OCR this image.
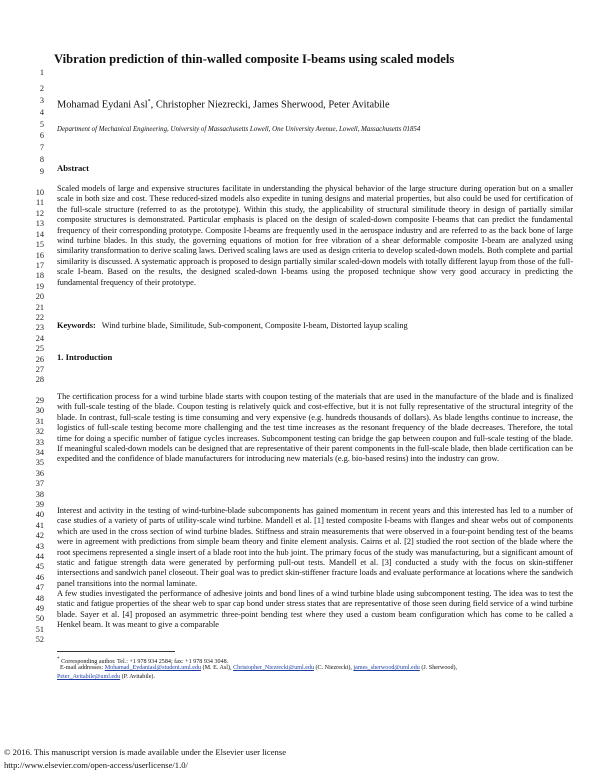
1
2
3
4
5
6
7
8
9
10
11
12
13
14
15
16
17
18
19
20
21
22
23
24
25
26
27
28
29
30
31
32
33
34
35
36
37
38
39
40
41
42
43
44
45
46
47
48
49
50
51
52
Vibration prediction of thin-walled composite I-beams using scaled models
Mohamad Eydani Asl*, Christopher Niezrecki, James Sherwood, Peter Avitabile
Department of Mechanical Engineering, University of Massachusetts Lowell, One University Avenue, Lowell, Massachusetts 01854
Abstract
Scaled models of large and expensive structures facilitate in understanding the physical behavior of the large structure during operation but on a smaller scale in both size and cost. These reduced-sized models also expedite in tuning designs and material properties, but also could be used for certification of the full-scale structure (referred to as the prototype). Within this study, the applicability of structural similitude theory in design of partially similar composite structures is demonstrated. Particular emphasis is placed on the design of scaled-down composite I-beams that can predict the fundamental frequency of their corresponding prototype. Composite I-beams are frequently used in the aerospace industry and are referred to as the back bone of large wind turbine blades. In this study, the governing equations of motion for free vibration of a shear deformable composite I-beam are analyzed using similarity transformation to derive scaling laws. Derived scaling laws are used as design criteria to develop scaled-down models. Both complete and partial similarity is discussed. A systematic approach is proposed to design partially similar scaled-down models with totally different layup from those of the full-scale I-beam. Based on the results, the designed scaled-down I-beams using the proposed technique show very good accuracy in predicting the fundamental frequency of their prototype.
Keywords: Wind turbine blade, Similitude, Sub-component, Composite I-beam, Distorted layup scaling
1. Introduction
The certification process for a wind turbine blade starts with coupon testing of the materials that are used in the manufacture of the blade and is finalized with full-scale testing of the blade. Coupon testing is relatively quick and cost-effective, but it is not fully representative of the structural integrity of the blade. In contrast, full-scale testing is time consuming and very expensive (e.g. hundreds thousands of dollars). As blade lengths continue to increase, the logistics of full-scale testing become more challenging and the test time increases as the resonant frequency of the blade decreases. Therefore, the total time for doing a specific number of fatigue cycles increases. Subcomponent testing can bridge the gap between coupon and full-scale testing of the blade. If meaningful scaled-down models can be designed that are representative of their parent components in the full-scale blade, then blade certification can be expedited and the confidence of blade manufacturers for introducing new materials (e.g. bio-based resins) into the industry can grow.
Interest and activity in the testing of wind-turbine-blade subcomponents has gained momentum in recent years and this interested has led to a number of case studies of a variety of parts of utility-scale wind turbine. Mandell et al. [1] tested composite I-beams with flanges and shear webs out of components which are used in the cross section of wind turbine blades. Stiffness and strain measurements that were observed in a four-point bending test of the beams were in agreement with predictions from simple beam theory and finite element analysis. Cairns et al. [2] studied the root section of the blade where the root specimens represented a single insert of a blade root into the hub joint. The primary focus of the study was manufacturing, but a significant amount of static and fatigue strength data were generated by performing pull-out tests. Mandell et al. [3] conducted a study with the focus on skin-stiffener intersections and sandwich panel closeout. Their goal was to predict skin-stiffener fracture loads and evaluate performance at locations where the sandwich panel transitions into the normal laminate.
A few studies investigated the performance of adhesive joints and bond lines of a wind turbine blade using subcomponent testing. The idea was to test the static and fatigue properties of the shear web to spar cap bond under stress states that are representative of those seen during field service of a wind turbine blade. Sayer et al. [4] proposed an asymmetric three-point bending test where they used a custom beam configuration which has come to be called a Henkel beam. It was meant to give a comparable
* Corresponding author. Tel.: +1 978 934 2584; fax: +1 978 934 3048.
E-mail addresses: Mohamad_Eydaniasl@student.uml.edu (M. E. Asl), Christopher_Niezrecki@uml.edu (C. Niezrecki), james_sherwood@uml.edu (J. Sherwood),
Peter_Avitabile@uml.edu (P. Avitabile).
© 2016. This manuscript version is made available under the Elsevier user license
http://www.elsevier.com/open-access/userlicense/1.0/
